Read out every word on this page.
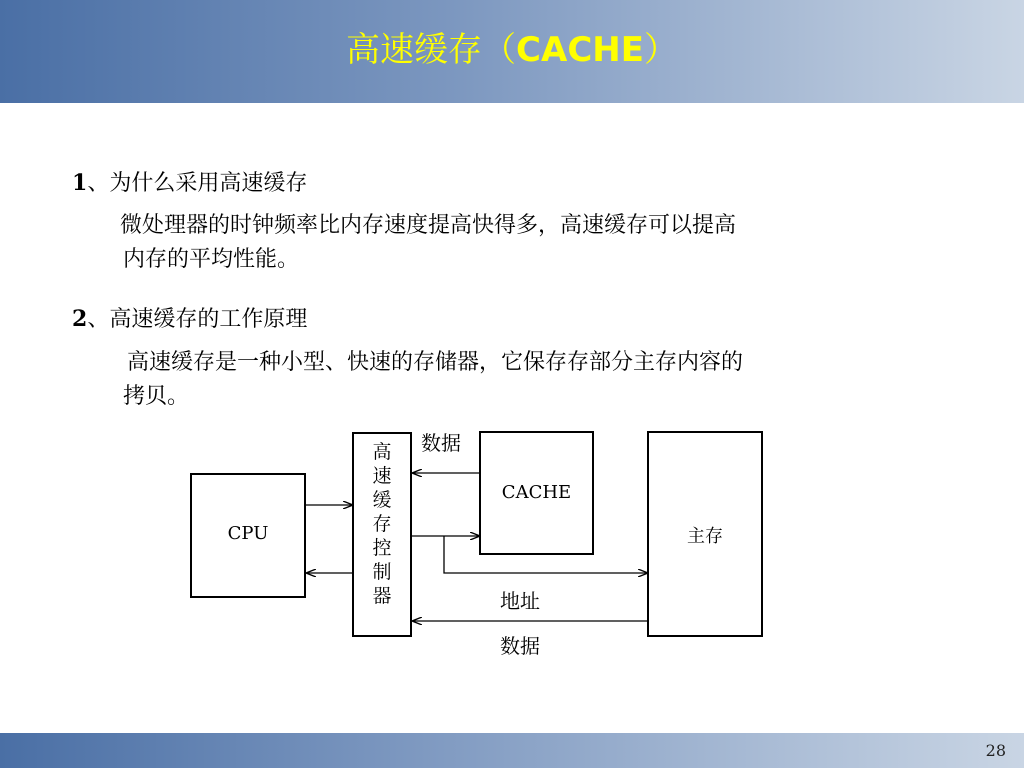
高速缓存（CACHE）
1、为什么采用高速缓存
微处理器的时钟频率比内存速度提高快得多，高速缓存可以提高
内存的平均性能。
2、高速缓存的工作原理
高速缓存是一种小型、快速的存储器，它保存存部分主存内容的
拷贝。
CPU
高
速
缓
存
控
制
器
CACHE
主存
数据
地址
数据
28
